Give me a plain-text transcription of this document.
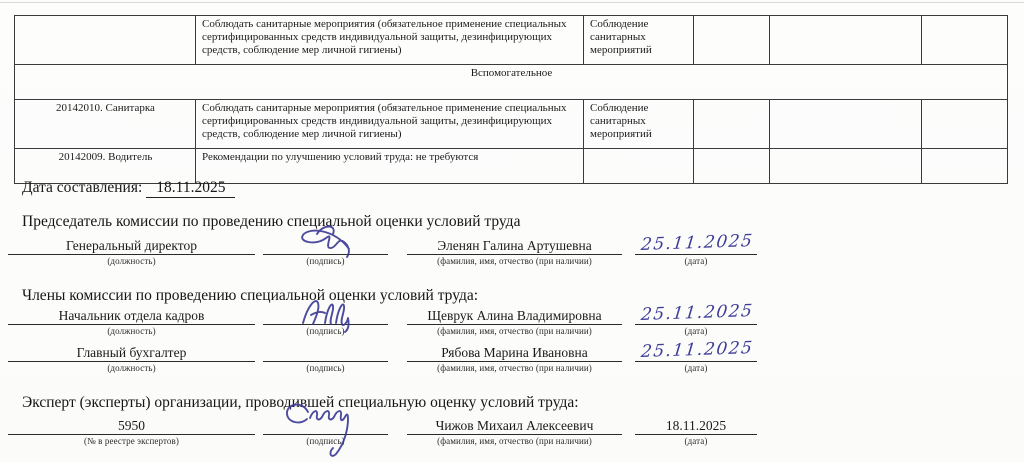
	Соблюдать санитарные мероприятия (обязательное применение специальных сертифицированных средств индивидуальной защиты, дезинфицирующих средств, соблюдение мер личной гигиены)	Соблюдение санитарных мероприятий			
Вспомогательное					
20142010. Санитарка	Соблюдать санитарные мероприятия (обязательное применение специальных сертифицированных средств индивидуальной защиты, дезинфицирующих средств, соблюдение мер личной гигиены)	Соблюдение санитарных мероприятий			
20142009. Водитель	Рекомендации по улучшению условий труда: не требуются				
Дата составления: 18.11.2025
Председатель комиссии по проведению специальной оценки условий труда
Генеральный директор
(должность)	(подпись)
Эленян Галина Артушевна
(фамилия, имя, отчество (при наличии)
25.11.2025
(дата)
Члены комиссии по проведению специальной оценки условий труда:
Начальник отдела кадров
(должность)	(подпись)
Щеврук Алина Владимировна
(фамилия, имя, отчество (при наличии)
25.11.2025
(дата)
Главный бухгалтер
(должность)	(подпись)
Рябова Марина Ивановна
(фамилия, имя, отчество (при наличии)
25.11.2025
(дата)
Эксперт (эксперты) организации, проводившей специальную оценку условий труда:
5950
(№ в реестре экспертов)	(подпись)
Чижов Михаил Алексеевич
(фамилия, имя, отчество (при наличии)
18.11.2025
(дата)
